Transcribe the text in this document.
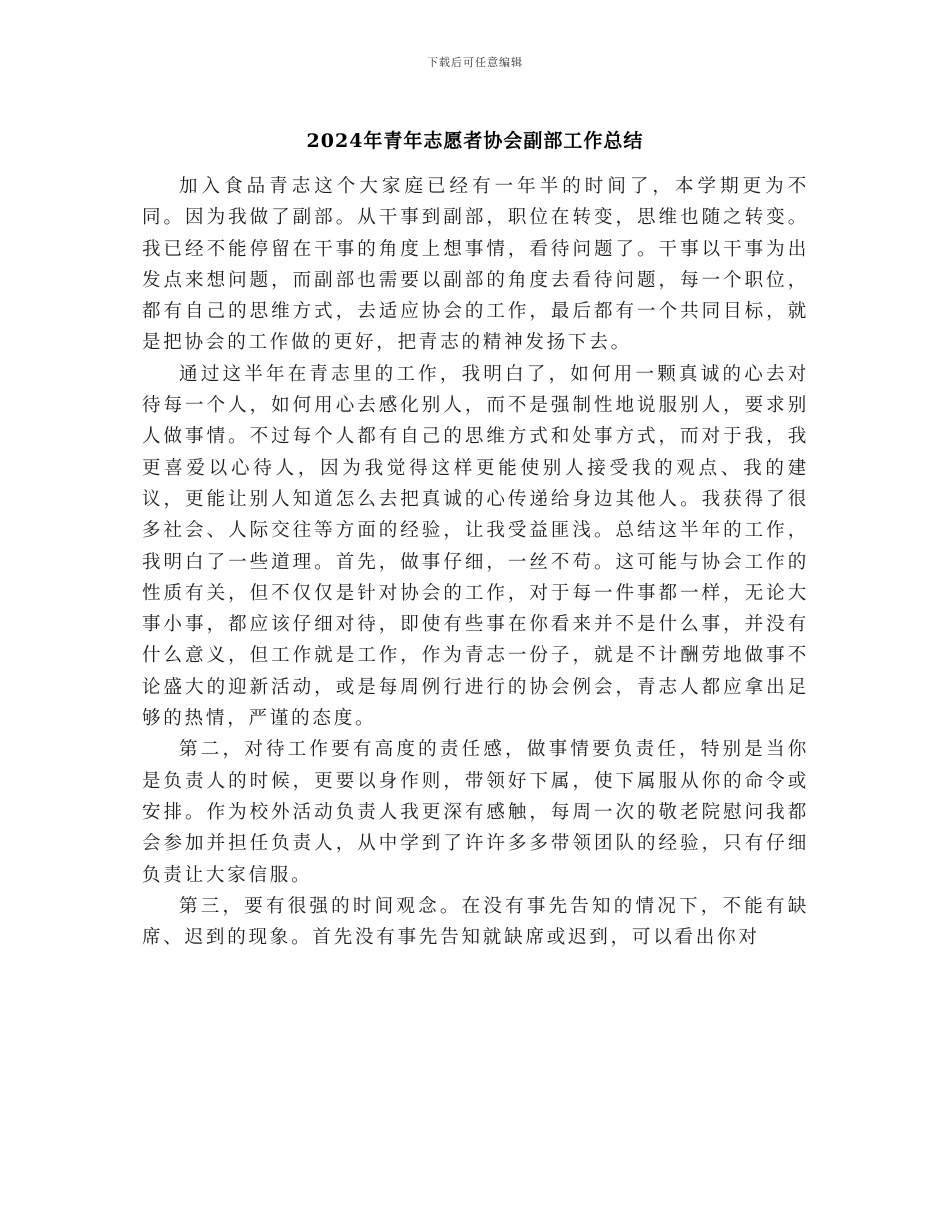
下载后可任意编辑
2024年青年志愿者协会副部工作总结

加入食品青志这个大家庭已经有一年半的时间了，本学期更为不同。因为我做了副部。从干事到副部，职位在转变，思维也随之转变。我已经不能停留在干事的角度上想事情，看待问题了。干事以干事为出发点来想问题，而副部也需要以副部的角度去看待问题，每一个职位，都有自己的思维方式，去适应协会的工作，最后都有一个共同目标，就是把协会的工作做的更好，把青志的精神发扬下去。

通过这半年在青志里的工作，我明白了，如何用一颗真诚的心去对待每一个人，如何用心去感化别人，而不是强制性地说服别人，要求别人做事情。不过每个人都有自己的思维方式和处事方式，而对于我，我更喜爱以心待人，因为我觉得这样更能使别人接受我的观点、我的建议，更能让别人知道怎么去把真诚的心传递给身边其他人。我获得了很多社会、人际交往等方面的经验，让我受益匪浅。总结这半年的工作，我明白了一些道理。首先，做事仔细，一丝不苟。这可能与协会工作的性质有关，但不仅仅是针对协会的工作，对于每一件事都一样，无论大事小事，都应该仔细对待，即使有些事在你看来并不是什么事，并没有什么意义，但工作就是工作，作为青志一份子，就是不计酬劳地做事不论盛大的迎新活动，或是每周例行进行的协会例会，青志人都应拿出足够的热情，严谨的态度。

第二，对待工作要有高度的责任感，做事情要负责任，特别是当你是负责人的时候，更要以身作则，带领好下属，使下属服从你的命令或安排。作为校外活动负责人我更深有感触，每周一次的敬老院慰问我都会参加并担任负责人，从中学到了许许多多带领团队的经验，只有仔细负责让大家信服。

第三，要有很强的时间观念。在没有事先告知的情况下，不能有缺席、迟到的现象。首先没有事先告知就缺席或迟到，可以看出你对
